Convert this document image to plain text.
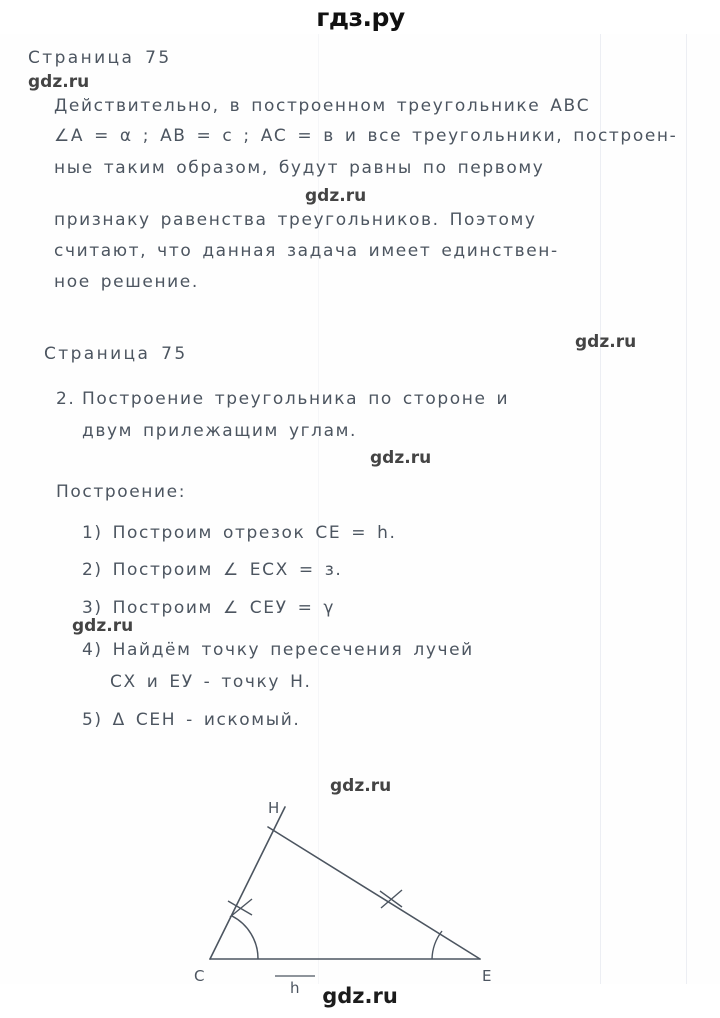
гдз.ру
Страница 75
gdz.ru
Действительно, в построенном треугольнике АВС
∠А = α ; АВ = с ; АС = в и все треугольники, построен-
ные таким образом, будут равны по первому
gdz.ru
признаку равенства треугольников. Поэтому
считают, что данная задача имеет единствен-
ное решение.
gdz.ru
Страница 75
2. Построение треугольника по стороне и
двум прилежащим углам.
gdz.ru
Построение:
1) Построим отрезок СЕ = h.
2) Построим ∠ ЕСХ = з.
3) Построим ∠ СЕУ = γ
gdz.ru
4) Найдём точку пересечения лучей
СХ и ЕУ - точку Н.
5) Δ СЕН - искомый.
gdz.ru
Н
С	Е
h	gdz.ru
